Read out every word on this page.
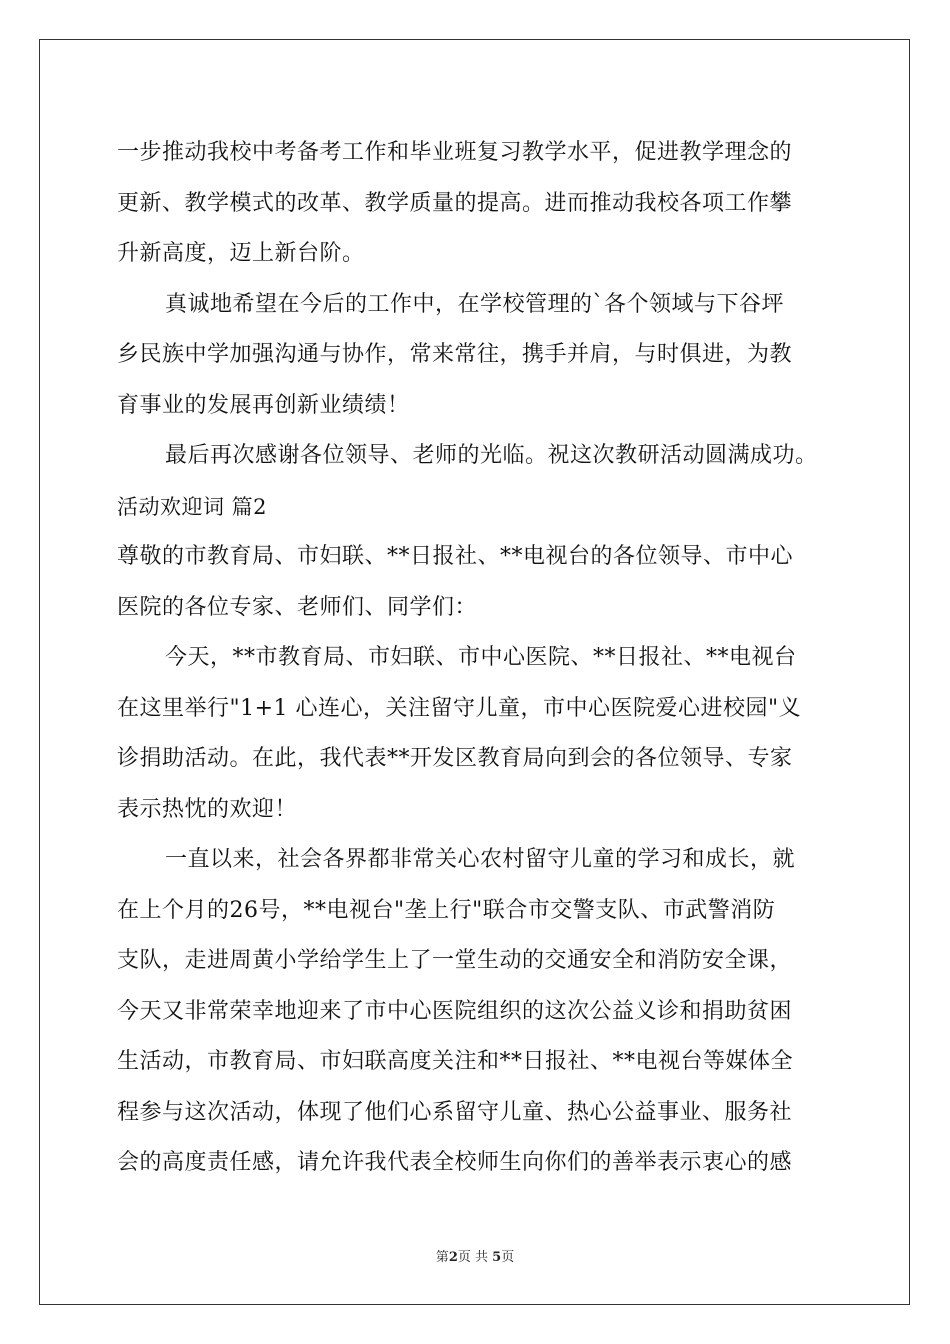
一步推动我校中考备考工作和毕业班复习教学水平，促进教学理念的
更新、教学模式的改革、教学质量的提高。进而推动我校各项工作攀
升新高度，迈上新台阶。
真诚地希望在今后的工作中，在学校管理的`各个领域与下谷坪
乡民族中学加强沟通与协作，常来常往，携手并肩，与时俱进，为教
育事业的发展再创新业绩绩！
最后再次感谢各位领导、老师的光临。祝这次教研活动圆满成功。
活动欢迎词 篇2
尊敬的市教育局、市妇联、**日报社、**电视台的各位领导、市中心
医院的各位专家、老师们、同学们：
今天，**市教育局、市妇联、市中心医院、**日报社、**电视台
在这里举行"1+1 心连心，关注留守儿童，市中心医院爱心进校园"义
诊捐助活动。在此，我代表**开发区教育局向到会的各位领导、专家
表示热忱的欢迎！
一直以来，社会各界都非常关心农村留守儿童的学习和成长，就
在上个月的26号，**电视台"垄上行"联合市交警支队、市武警消防
支队，走进周黄小学给学生上了一堂生动的交通安全和消防安全课，
今天又非常荣幸地迎来了市中心医院组织的这次公益义诊和捐助贫困
生活动，市教育局、市妇联高度关注和**日报社、**电视台等媒体全
程参与这次活动，体现了他们心系留守儿童、热心公益事业、服务社
会的高度责任感，请允许我代表全校师生向你们的善举表示衷心的感
第2页 共 5页
